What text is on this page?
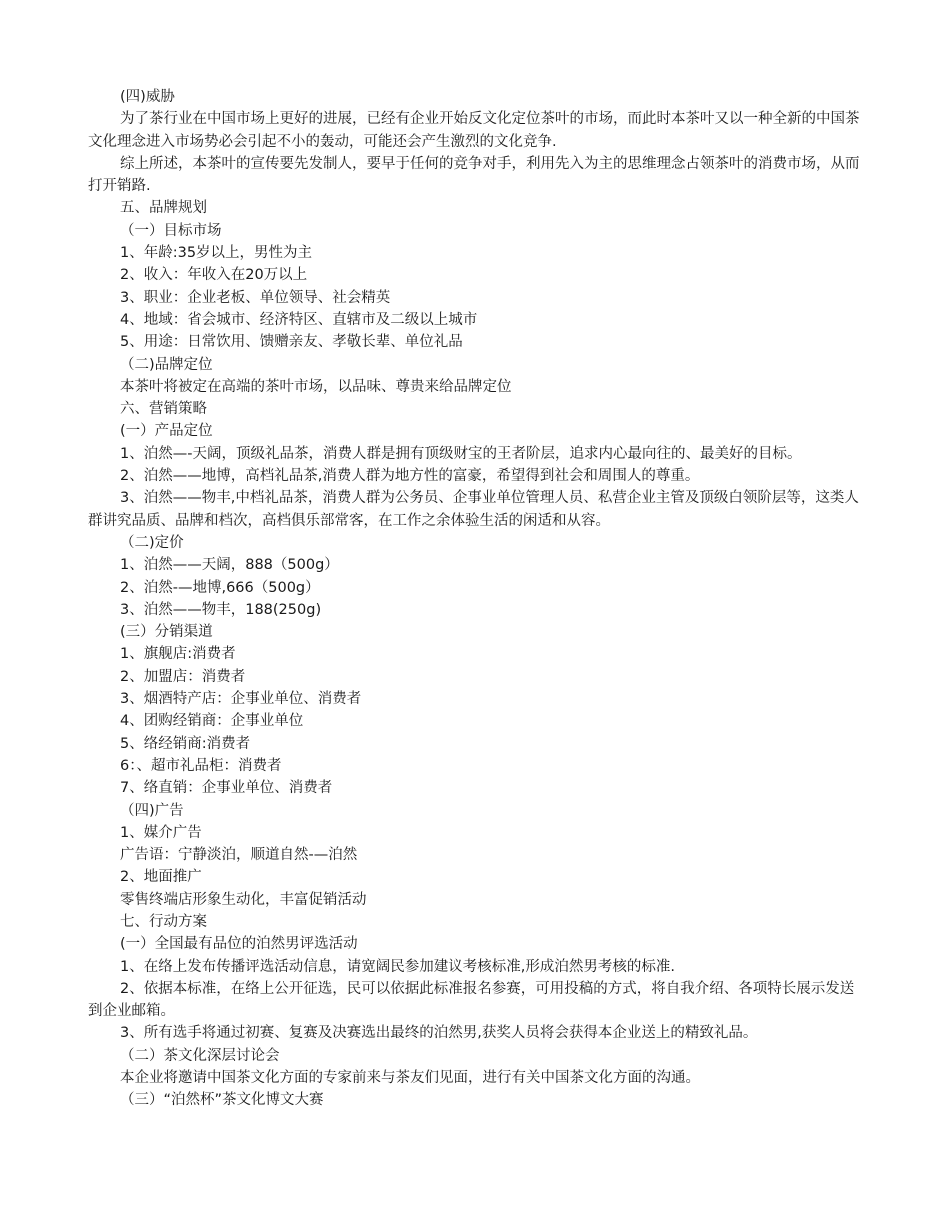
(四)威胁

为了茶行业在中国市场上更好的进展，已经有企业开始反文化定位茶叶的市场，而此时本茶叶又以一种全新的中国茶文化理念进入市场势必会引起不小的轰动，可能还会产生激烈的文化竞争.

综上所述，本茶叶的宣传要先发制人，要早于任何的竞争对手，利用先入为主的思维理念占领茶叶的消费市场，从而打开销路.

五、品牌规划

（一）目标市场

1、年龄:35岁以上，男性为主

2、收入：年收入在20万以上

3、职业：企业老板、单位领导、社会精英

4、地域：省会城市、经济特区、直辖市及二级以上城市

5、用途：日常饮用、馈赠亲友、孝敬长辈、单位礼品

（二)品牌定位

本茶叶将被定在高端的茶叶市场，以品味、尊贵来给品牌定位

六、营销策略

(一）产品定位

1、泊然—-天阔，顶级礼品茶，消费人群是拥有顶级财宝的王者阶层，追求内心最向往的、最美好的目标。

2、泊然——地博，高档礼品茶,消费人群为地方性的富豪，希望得到社会和周围人的尊重。

3、泊然——物丰,中档礼品茶，消费人群为公务员、企事业单位管理人员、私营企业主管及顶级白领阶层等，这类人群讲究品质、品牌和档次，高档俱乐部常客，在工作之余体验生活的闲适和从容。

（二)定价

1、泊然——天阔，888（500g）

2、泊然-—地博,666（500g）

3、泊然——物丰，188(250g)

(三）分销渠道

1、旗舰店:消费者

2、加盟店：消费者

3、烟酒特产店：企事业单位、消费者

4、团购经销商：企事业单位

5、络经销商:消费者

6：、超市礼品柜：消费者

7、络直销：企事业单位、消费者

（四)广告

1、媒介广告

广告语：宁静淡泊，顺道自然-—泊然

2、地面推广

零售终端店形象生动化，丰富促销活动

七、行动方案

(一）全国最有品位的泊然男评选活动

1、在络上发布传播评选活动信息，请宽阔民参加建议考核标准,形成泊然男考核的标准.

2、依据本标准，在络上公开征选，民可以依据此标准报名参赛，可用投稿的方式，将自我介绍、各项特长展示发送到企业邮箱。

3、所有选手将通过初赛、复赛及决赛选出最终的泊然男,获奖人员将会获得本企业送上的精致礼品。

（二）茶文化深层讨论会

本企业将邀请中国茶文化方面的专家前来与茶友们见面，进行有关中国茶文化方面的沟通。

（三）“泊然杯”茶文化博文大赛
